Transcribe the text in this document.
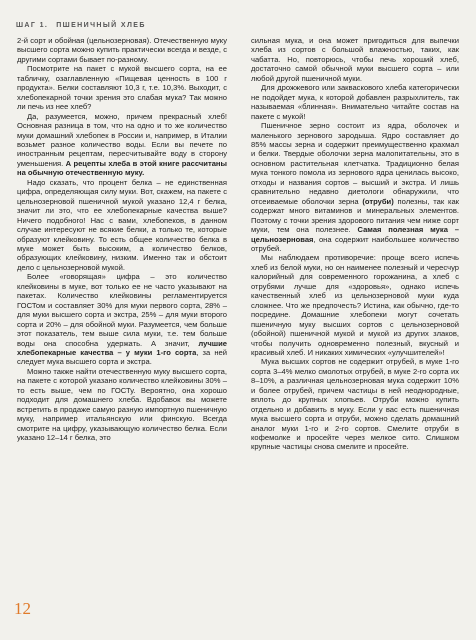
ШАГ 1. ПШЕНИЧНЫЙ ХЛЕБ

2-й сорт и обойная (цельнозерновая). Отечественную муку высшего сорта можно купить практически всегда и везде, с другими сортами бывает по-разному.

Посмотрите на пакет с мукой высшего сорта, на ее табличку, озаглавленную «Пищевая ценность в 100 г продукта». Белки составляют 10,3 г, т.е. 10,3%. Выходит, с хлебопекарной точки зрения это слабая мука? Так можно ли печь из нее хлеб?

Да, разумеется, можно, причем прекрасный хлеб! Основная разница в том, что на одно и то же количество муки домашний хлебопек в России и, например, в Италии возьмет разное количество воды. Если вы печете по иностранным рецептам, пересчитывайте воду в сторону уменьшения. А рецепты хлеба в этой книге рассчитаны на обычную отечественную муку.

Надо сказать, что процент белка – не единственная цифра, определяющая силу муки. Вот, скажем, на пакете с цельнозерновой пшеничной мукой указано 12,4 г белка, значит ли это, что ее хлебопекарные качества выше? Ничего подобного! Нас с вами, хлебопеков, в данном случае интересуют не всякие белки, а только те, которые образуют клейковину. То есть общее количество белка в муке может быть высоким, а количество белков, образующих клейковину, низким. Именно так и обстоит дело с цельнозерновой мукой.

Более «говорящая» цифра – это количество клейковины в муке, вот только ее не часто указывают на пакетах. Количество клейковины регламентируется ГОСТом и составляет 30% для муки первого сорта, 28% – для муки высшего сорта и экстра, 25% – для муки второго сорта и 20% – для обойной муки. Разумеется, чем больше этот показатель, тем выше сила муки, т.е. тем больше воды она способна удержать. А значит, лучшие хлебопекарные качества – у муки 1-го сорта, за ней следует мука высшего сорта и экстра.

Можно также найти отечественную муку высшего сорта, на пакете с которой указано количество клейковины 30% – то есть выше, чем по ГОСТу. Вероятно, она хорошо подходит для домашнего хлеба. Вдобавок вы можете встретить в продаже самую разную импортную пшеничную муку, например итальянскую или финскую. Всегда смотрите на цифру, указывающую количество белка. Если указано 12–14 г белка, это

сильная мука, и она может пригодиться для выпечки хлеба из сортов с большой влажностью, таких, как чабатта. Но, повторюсь, чтобы печь хороший хлеб, достаточно самой обычной муки высшего сорта – или любой другой пшеничной муки.

Для дрожжевого или закваскового хлеба категорически не подойдет мука, к которой добавлен разрыхлитель, так называемая «блинная». Внимательно читайте состав на пакете с мукой!

Пшеничное зерно состоит из ядра, оболочек и маленького зернового зародыша. Ядро составляет до 85% массы зерна и содержит преимущественно крахмал и белки. Твердые оболочки зерна малопитательны, это в основном растительная клетчатка. Традиционно белая мука тонкого помола из зернового ядра ценилась высоко, отходы и названия сортов – высший и экстра. И лишь сравнительно недавно диетологи обнаружили, что отсеиваемые оболочки зерна (отруби) полезны, так как содержат много витаминов и минеральных элементов. Поэтому с точки зрения здорового питания чем ниже сорт муки, тем она полезнее. Самая полезная мука – цельнозерновая, она содержит наибольшее количество отрубей.

Мы наблюдаем противоречие: проще всего испечь хлеб из белой муки, но он наименее полезный и чересчур калорийный для современного горожанина, а хлеб с отрубями лучше для «здоровья», однако испечь качественный хлеб из цельнозерновой муки куда сложнее. Что же предпочесть? Истина, как обычно, где-то посредине. Домашние хлебопеки могут сочетать пшеничную муку высших сортов с цельнозерновой (обойной) пшеничной мукой и мукой из других злаков, чтобы получить одновременно полезный, вкусный и красивый хлеб. И никаких химических «улучшителей»!

Мука высших сортов не содержит отрубей, в муке 1-го сорта 3–4% мелко смолотых отрубей, в муке 2-го сорта их 8–10%, а различная цельнозерновая мука содержит 10% и более отрубей, причем частицы в ней неоднородные, вплоть до крупных хлопьев. Отруби можно купить отдельно и добавить в муку. Если у вас есть пшеничная мука высшего сорта и отруби, можно сделать домашний аналог муки 1-го и 2-го сортов. Смелите отруби в кофемолке и просейте через мелкое сито. Слишком крупные частицы снова смелите и просейте.

12
